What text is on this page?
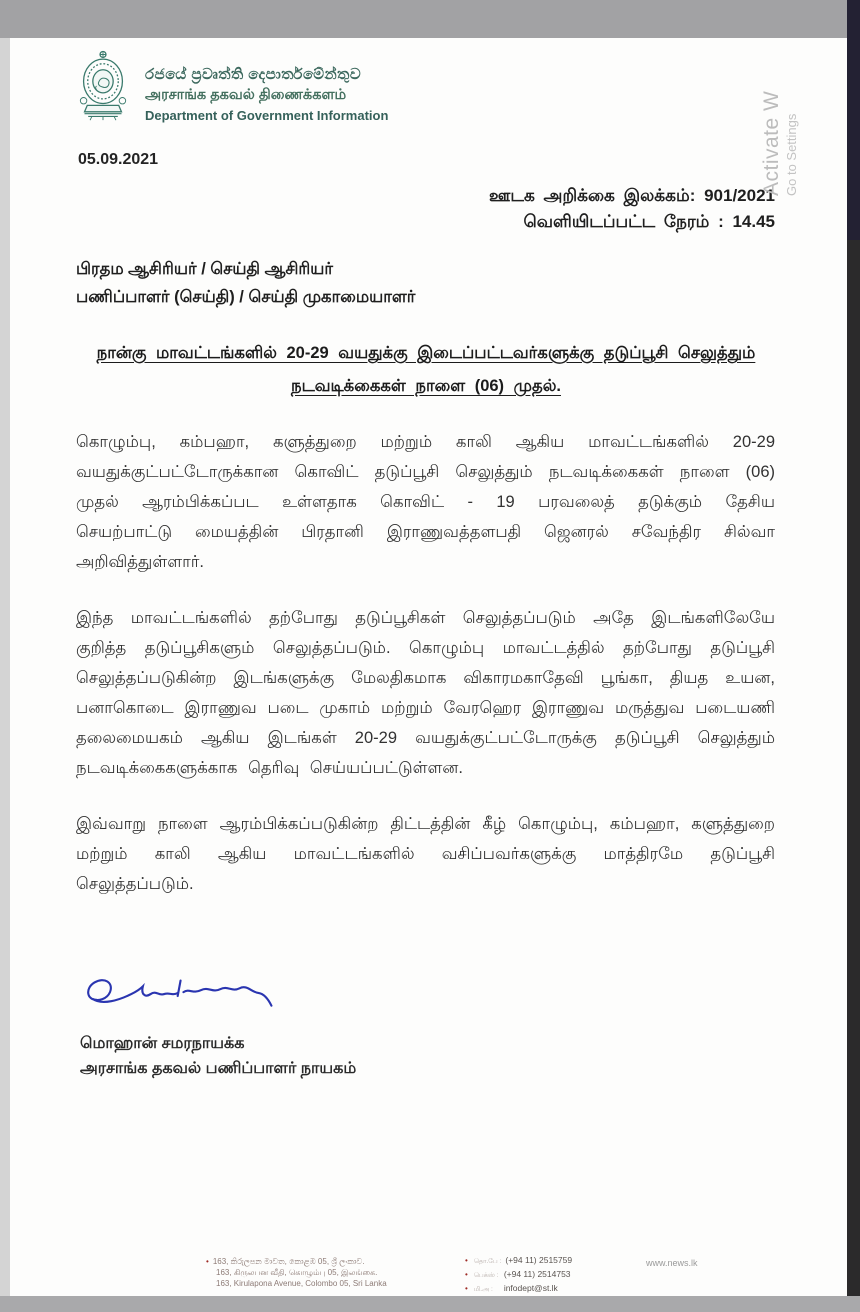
රජයේ ප්‍රවෘත්ති දෙපාර්තමේන්තුව
அரசாங்க தகவல் திணைக்களம்
Department of Government Information
05.09.2021
ஊடக அறிக்கை இலக்கம்: 901/2021
வெளியிடப்பட்ட நேரம் : 14.45
பிரதம ஆசிரியர் / செய்தி ஆசிரியர்
பணிப்பாளர் (செய்தி) / செய்தி முகாமையாளர்
நான்கு மாவட்டங்களில் 20-29 வயதுக்கு இடைப்பட்டவர்களுக்கு தடுப்பூசி செலுத்தும்
நடவடிக்கைகள் நாளை (06) முதல்.

கொழும்பு, கம்பஹா, களுத்துறை மற்றும் காலி ஆகிய மாவட்டங்களில் 20-29 வயதுக்குட்பட்டோருக்கான கொவிட் தடுப்பூசி செலுத்தும் நடவடிக்கைகள் நாளை (06) முதல் ஆரம்பிக்கப்பட உள்ளதாக கொவிட் - 19 பரவலைத் தடுக்கும் தேசிய செயற்பாட்டு மையத்தின் பிரதானி இராணுவத்தளபதி ஜெனரல் சவேந்திர சில்வா அறிவித்துள்ளார்.

இந்த மாவட்டங்களில் தற்போது தடுப்பூசிகள் செலுத்தப்படும் அதே இடங்களிலேயே குறித்த தடுப்பூசிகளும் செலுத்தப்படும். கொழும்பு மாவட்டத்தில் தற்போது தடுப்பூசி செலுத்தப்படுகின்ற இடங்களுக்கு மேலதிகமாக விகாரமகாதேவி பூங்கா, தியத உயன, பனாகொடை இராணுவ படை முகாம் மற்றும் வேரஹெர இராணுவ மருத்துவ படையணி தலைமையகம் ஆகிய இடங்கள் 20-29 வயதுக்குட்பட்டோருக்கு தடுப்பூசி செலுத்தும் நடவடிக்கைகளுக்காக தெரிவு செய்யப்பட்டுள்ளன.

இவ்வாறு நாளை ஆரம்பிக்கப்படுகின்ற திட்டத்தின் கீழ் கொழும்பு, கம்பஹா, களுத்துறை மற்றும் காலி ஆகிய மாவட்டங்களில் வசிப்பவர்களுக்கு மாத்திரமே தடுப்பூசி செலுத்தப்படும்.

மொஹான் சமரநாயக்க
அரசாங்க தகவல் பணிப்பாளர் நாயகம்
• 163, කිරුලපන මාවත, කොළඹ 05, ශ්‍රී ලංකාව.
163, கிருலபன வீதி, கொழும்பு 05, இலங்கை.
163, Kirulapona Avenue, Colombo 05, Sri Lanka
• தொ.பே : (+94 11) 2515759
• பெக்ஸ் : (+94 11) 2514753
• மி.அ :	infodept@st.lk
www.news.lk
Activate W Go to Settings
